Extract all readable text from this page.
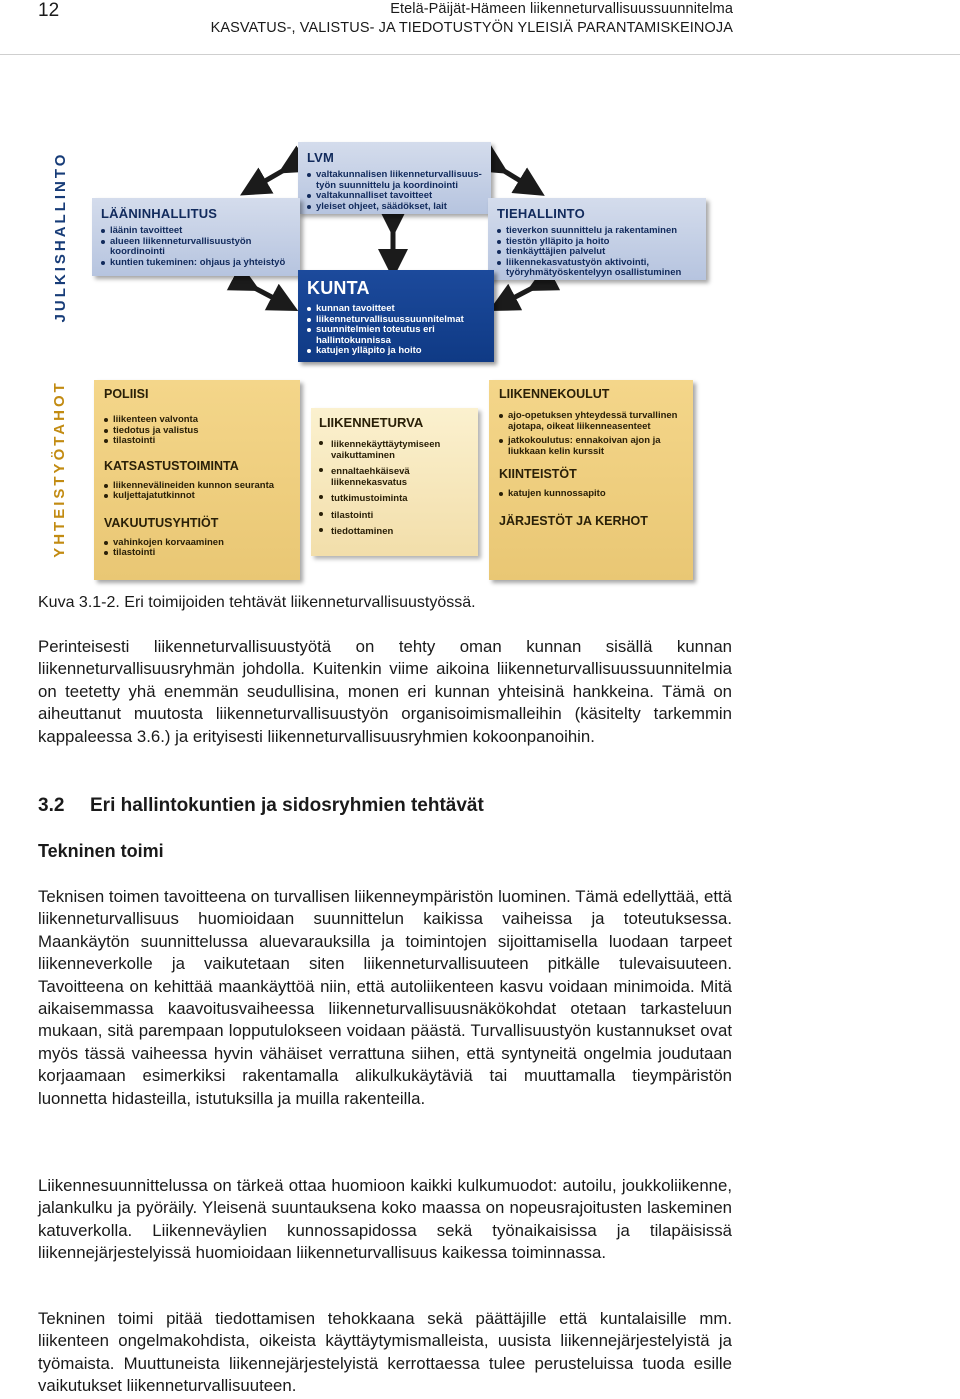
12	Etelä-Päijät-Hämeen liikenneturvallisuussuunnitelma
KASVATUS-, VALISTUS- JA TIEDOTUSTYÖN YLEISIÄ PARANTAMISKEINOJA
JULKISHALLINTO
YHTEISTYÖTAHOT
LVM
valtakunnalisen liikenneturvallisuus-työn suunnittelu ja koordinointi
valtakunnalliset tavoitteet
yleiset ohjeet, säädökset, lait
LÄÄNINHALLITUS
läänin tavoitteet
alueen liikenneturvallisuustyön koordinointi
kuntien tukeminen: ohjaus ja yhteistyö
TIEHALLINTO
tieverkon suunnittelu ja rakentaminen
tiestön ylläpito ja hoito
tienkäyttäjien palvelut
liikennekasvatustyön aktivointi, työryhmätyöskentelyyn osallistuminen
KUNTA
kunnan tavoitteet
liikenneturvallisuussuunnitelmat
suunnitelmien toteutus eri hallintokunnissa
katujen ylläpito ja hoito
POLIISI
liikenteen valvonta
tiedotus ja valistus
tilastointi
KATSASTUSTOIMINTA
liikennevälineiden kunnon seuranta
kuljettajatutkinnot
VAKUUTUSYHTIÖT
vahinkojen korvaaminen
tilastointi
LIIKENNETURVA
liikennekäyttäytymiseen vaikuttaminen
ennaltaehkäisevä liikennekasvatus
tutkimustoiminta
tilastointi
tiedottaminen
LIIKENNEKOULUT
ajo-opetuksen yhteydessä turvallinen ajotapa, oikeat liikenneasenteet
jatkokoulutus: ennakoivan ajon ja liukkaan kelin kurssit
KIINTEISTÖT
katujen kunnossapito
JÄRJESTÖT JA KERHOT
Kuva 3.1-2. Eri toimijoiden tehtävät liikenneturvallisuustyössä.
Perinteisesti liikenneturvallisuustyötä on tehty oman kunnan sisällä kunnan liikenneturvallisuusryhmän johdolla. Kuitenkin viime aikoina liikenneturvallisuussuunnitelmia on teetetty yhä enemmän seudullisina, monen eri kunnan yhteisinä hankkeina. Tämä on aiheuttanut muutosta liikenneturvallisuustyön organisoimismalleihin (käsitelty tarkemmin kappaleessa 3.6.) ja erityisesti liikenneturvallisuusryhmien kokoonpanoihin.
3.2 Eri hallintokuntien ja sidosryhmien tehtävät
Tekninen toimi
Teknisen toimen tavoitteena on turvallisen liikenneympäristön luominen. Tämä edellyttää, että liikenneturvallisuus huomioidaan suunnittelun kaikissa vaiheissa ja toteutuksessa. Maankäytön suunnittelussa aluevarauksilla ja toimintojen sijoittamisella luodaan tarpeet liikenneverkolle ja vaikutetaan siten liikenneturvallisuuteen pitkälle tulevaisuuteen. Tavoitteena on kehittää maankäyttöä niin, että autoliikenteen kasvu voidaan minimoida. Mitä aikaisemmassa kaavoitusvaiheessa liikenneturvallisuusnäkökohdat otetaan tarkasteluun mukaan, sitä parempaan lopputulokseen voidaan päästä. Turvallisuustyön kustannukset ovat myös tässä vaiheessa hyvin vähäiset verrattuna siihen, että syntyneitä ongelmia joudutaan korjaamaan esimerkiksi rakentamalla alikulkukäytäviä tai muuttamalla tieympäristön luonnetta hidasteilla, istutuksilla ja muilla rakenteilla.
Liikennesuunnittelussa on tärkeä ottaa huomioon kaikki kulkumuodot: autoilu, joukkoliikenne, jalankulku ja pyöräily. Yleisenä suuntauksena koko maassa on nopeusrajoitusten laskeminen katuverkolla. Liikenneväylien kunnossapidossa sekä työnaikaisissa ja tilapäisissä liikennejärjestelyissä huomioidaan liikenneturvallisuus kaikessa toiminnassa.
Tekninen toimi pitää tiedottamisen tehokkaana sekä päättäjille että kuntalaisille mm. liikenteen ongelmakohdista, oikeista käyttäytymismalleista, uusista liikennejärjestelyistä ja työmaista. Muuttuneista liikennejärjestelyistä kerrottaessa tulee perusteluissa tuoda esille vaikutukset liikenneturvallisuuteen.
